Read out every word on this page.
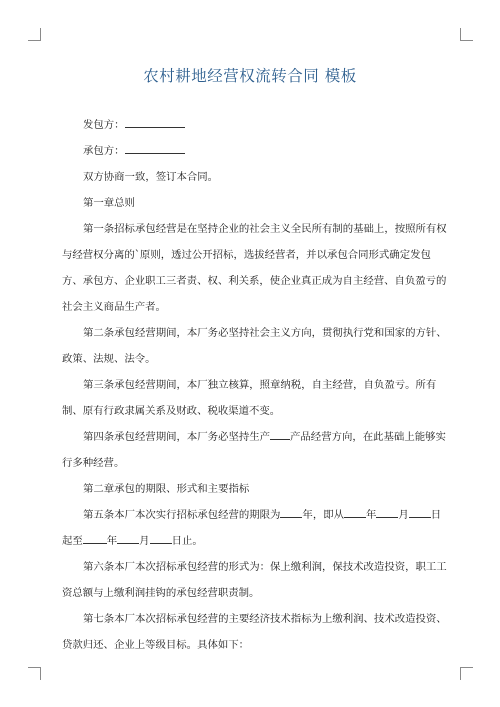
农村耕地经营权流转合同 模板

发包方：

承包方：

双方协商一致，签订本合同。

第一章总则

第一条招标承包经营是在坚持企业的社会主义全民所有制的基础上，按照所有权与经营权分离的`原则，透过公开招标，选拔经营者，并以承包合同形式确定发包方、承包方、企业职工三者责、权、利关系，使企业真正成为自主经营、自负盈亏的社会主义商品生产者。

第二条承包经营期间，本厂务必坚持社会主义方向，贯彻执行党和国家的方针、政策、法规、法令。

第三条承包经营期间，本厂独立核算，照章纳税，自主经营，自负盈亏。所有制、原有行政隶属关系及财政、税收渠道不变。

第四条承包经营期间，本厂务必坚持生产 产品经营方向，在此基础上能够实行多种经营。

第二章承包的期限、形式和主要指标

第五条本厂本次实行招标承包经营的期限为 年，即从 年 月 日起至 年 月 日止。

第六条本厂本次招标承包经营的形式为：保上缴利润，保技术改造投资，职工工资总额与上缴利润挂钩的承包经营职责制。

第七条本厂本次招标承包经营的主要经济技术指标为上缴利润、技术改造投资、贷款归还、企业上等级目标。具体如下：
